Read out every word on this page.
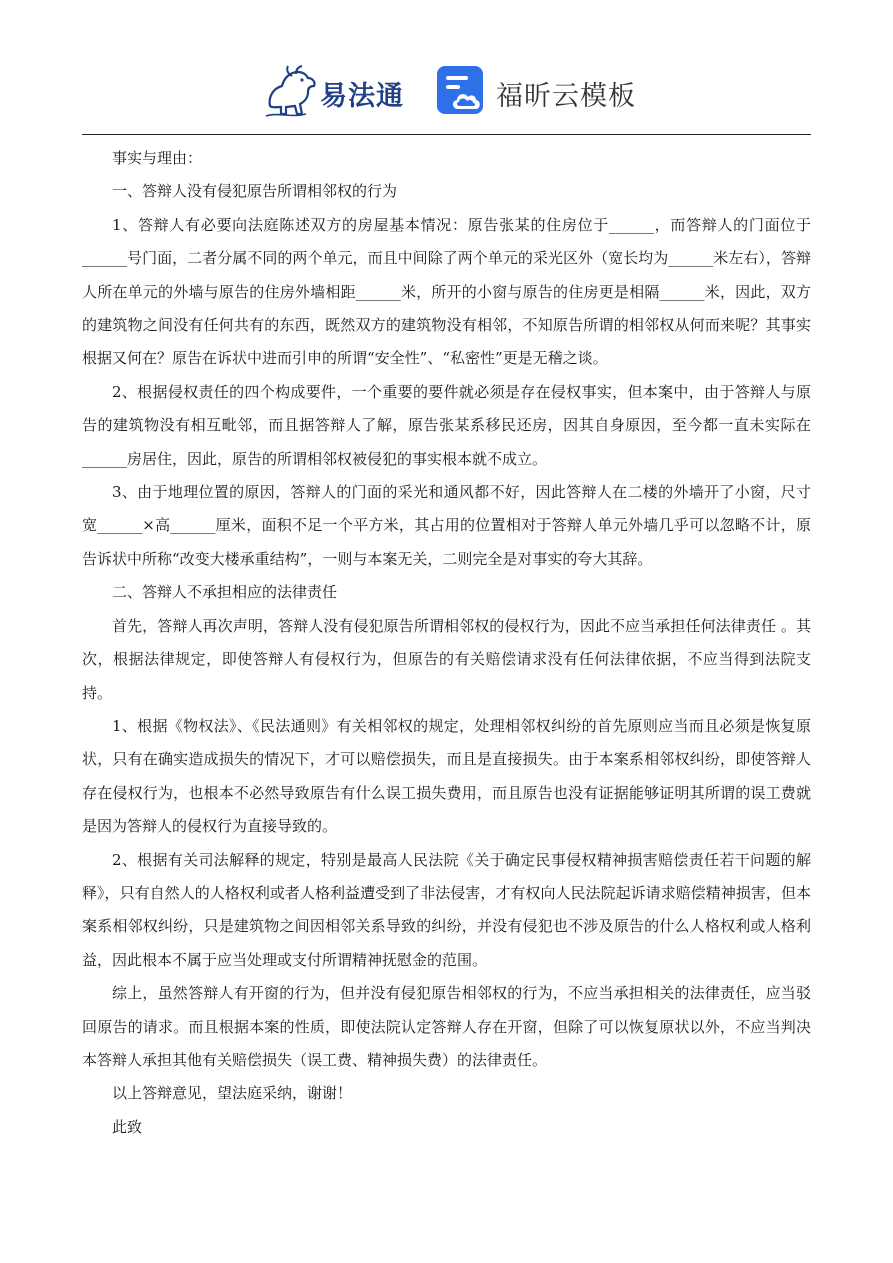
易法通	福昕云模板

事实与理由：

一、答辩人没有侵犯原告所谓相邻权的行为

1、答辩人有必要向法庭陈述双方的房屋基本情况：原告张某的住房位于______，而答辩人的门面位于______号门面，二者分属不同的两个单元，而且中间除了两个单元的采光区外（宽长均为______米左右），答辩人所在单元的外墙与原告的住房外墙相距______米，所开的小窗与原告的住房更是相隔______米，因此，双方的建筑物之间没有任何共有的东西，既然双方的建筑物没有相邻，不知原告所谓的相邻权从何而来呢？其事实根据又何在？原告在诉状中进而引申的所谓“安全性”、“私密性”更是无稽之谈。

2、根据侵权责任的四个构成要件，一个重要的要件就必须是存在侵权事实，但本案中，由于答辩人与原告的建筑物没有相互毗邻，而且据答辩人了解，原告张某系移民还房，因其自身原因，至今都一直未实际在______房居住，因此，原告的所谓相邻权被侵犯的事实根本就不成立。

3、由于地理位置的原因，答辩人的门面的采光和通风都不好，因此答辩人在二楼的外墙开了小窗，尺寸宽______×高______厘米，面积不足一个平方米，其占用的位置相对于答辩人单元外墙几乎可以忽略不计，原告诉状中所称“改变大楼承重结构”，一则与本案无关，二则完全是对事实的夸大其辞。

二、答辩人不承担相应的法律责任

首先，答辩人再次声明，答辩人没有侵犯原告所谓相邻权的侵权行为，因此不应当承担任何法律责任 。其次，根据法律规定，即使答辩人有侵权行为，但原告的有关赔偿请求没有任何法律依据，不应当得到法院支持。

1、根据《物权法》、《民法通则》有关相邻权的规定，处理相邻权纠纷的首先原则应当而且必须是恢复原状，只有在确实造成损失的情况下，才可以赔偿损失，而且是直接损失。由于本案系相邻权纠纷，即使答辩人存在侵权行为，也根本不必然导致原告有什么误工损失费用，而且原告也没有证据能够证明其所谓的误工费就是因为答辩人的侵权行为直接导致的。

2、根据有关司法解释的规定，特别是最高人民法院《关于确定民事侵权精神损害赔偿责任若干问题的解释》，只有自然人的人格权利或者人格利益遭受到了非法侵害，才有权向人民法院起诉请求赔偿精神损害，但本案系相邻权纠纷，只是建筑物之间因相邻关系导致的纠纷，并没有侵犯也不涉及原告的什么人格权利或人格利益，因此根本不属于应当处理或支付所谓精神抚慰金的范围。

综上，虽然答辩人有开窗的行为，但并没有侵犯原告相邻权的行为，不应当承担相关的法律责任，应当驳回原告的请求。而且根据本案的性质，即使法院认定答辩人存在开窗，但除了可以恢复原状以外，不应当判决本答辩人承担其他有关赔偿损失（误工费、精神损失费）的法律责任。

以上答辩意见，望法庭采纳，谢谢！

此致
